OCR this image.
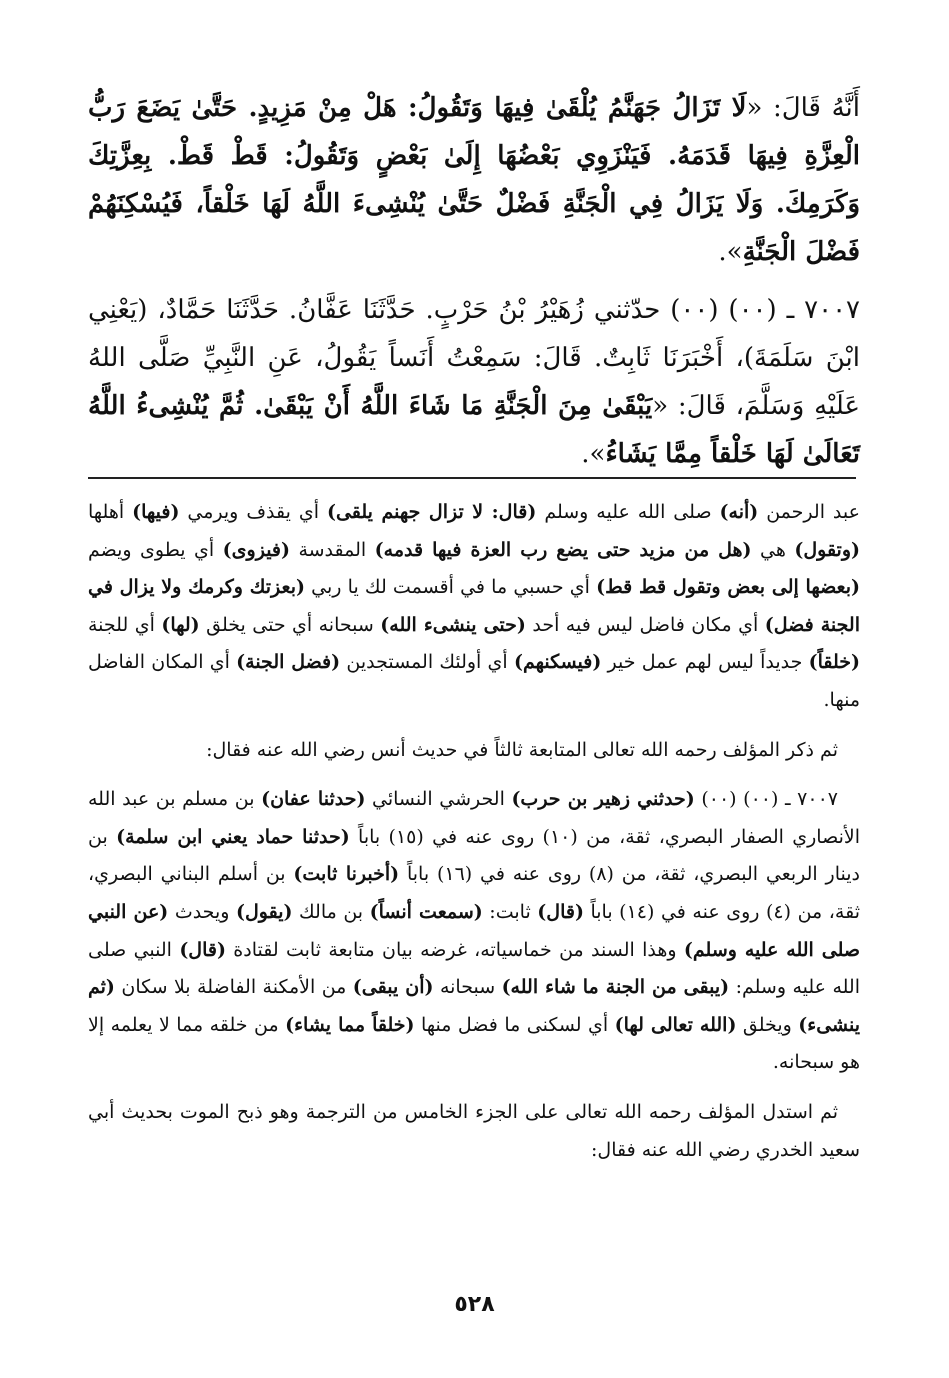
أَنَّهُ قَالَ: «لَا تَزَالُ جَهَنَّمُ يُلْقَىٰ فِيهَا وَتَقُولُ: هَلْ مِنْ مَزِيدٍ. حَتَّىٰ يَضَعَ رَبُّ الْعِزَّةِ فِيهَا قَدَمَهُ. فَيَنْزَوِي بَعْضُهَا إِلَىٰ بَعْضٍ وَتَقُولُ: قَطْ قَطْ. بِعِزَّتِكَ وَكَرَمِكَ. وَلَا يَزَالُ فِي الْجَنَّةِ فَضْلٌ حَتَّىٰ يُنْشِىءَ اللَّهُ لَهَا خَلْقاً، فَيُسْكِنَهُمْ فَضْلَ الْجَنَّةِ».

٧٠٠٧ ـ (٠٠) (٠٠) حدّثني زُهَيْرُ بْنُ حَرْبٍ. حَدَّثَنَا عَفَّانُ. حَدَّثَنَا حَمَّادٌ، (يَعْنِي ابْنَ سَلَمَةَ)، أَخْبَرَنَا ثَابِتٌ. قَالَ: سَمِعْتُ أَنَساً يَقُولُ، عَنِ النَّبِيِّ صَلَّى اللهُ عَلَيْهِ وَسَلَّمَ، قَالَ: «يَبْقَىٰ مِنَ الْجَنَّةِ مَا شَاءَ اللَّهُ أَنْ يَبْقَىٰ. ثُمَّ يُنْشِىءُ اللَّهُ تَعَالَىٰ لَهَا خَلْقاً مِمَّا يَشَاءُ».

عبد الرحمن (أنه) صلى الله عليه وسلم (قال: لا تزال جهنم يلقى) أي يقذف ويرمي (فيها) أهلها (وتقول) هي (هل من مزيد حتى يضع رب العزة فيها قدمه) المقدسة (فيزوى) أي يطوى ويضم (بعضها إلى بعض وتقول قط قط) أي حسبي ما في أقسمت لك يا ربي (بعزتك وكرمك ولا يزال في الجنة فضل) أي مكان فاضل ليس فيه أحد (حتى ينشىء الله) سبحانه أي حتى يخلق (لها) أي للجنة (خلقاً) جديداً ليس لهم عمل خير (فيسكنهم) أي أولئك المستجدين (فضل الجنة) أي المكان الفاضل منها.

ثم ذكر المؤلف رحمه الله تعالى المتابعة ثالثاً في حديث أنس رضي الله عنه فقال:

٧٠٠٧ ـ (٠٠) (٠٠) (حدثني زهير بن حرب) الحرشي النسائي (حدثنا عفان) بن مسلم بن عبد الله الأنصاري الصفار البصري، ثقة، من (١٠) روى عنه في (١٥) باباً (حدثنا حماد يعني ابن سلمة) بن دينار الربعي البصري، ثقة، من (٨) روى عنه في (١٦) باباً (أخبرنا ثابت) بن أسلم البناني البصري، ثقة، من (٤) روى عنه في (١٤) باباً (قال) ثابت: (سمعت أنساً) بن مالك (يقول) ويحدث (عن النبي صلى الله عليه وسلم) وهذا السند من خماسياته، غرضه بيان متابعة ثابت لقتادة (قال) النبي صلى الله عليه وسلم: (يبقى من الجنة ما شاء الله) سبحانه (أن يبقى) من الأمكنة الفاضلة بلا سكان (ثم ينشىء) ويخلق (الله تعالى لها) أي لسكنى ما فضل منها (خلقاً مما يشاء) من خلقه مما لا يعلمه إلا هو سبحانه.

ثم استدل المؤلف رحمه الله تعالى على الجزء الخامس من الترجمة وهو ذبح الموت بحديث أبي سعيد الخدري رضي الله عنه فقال:

٥٢٨
